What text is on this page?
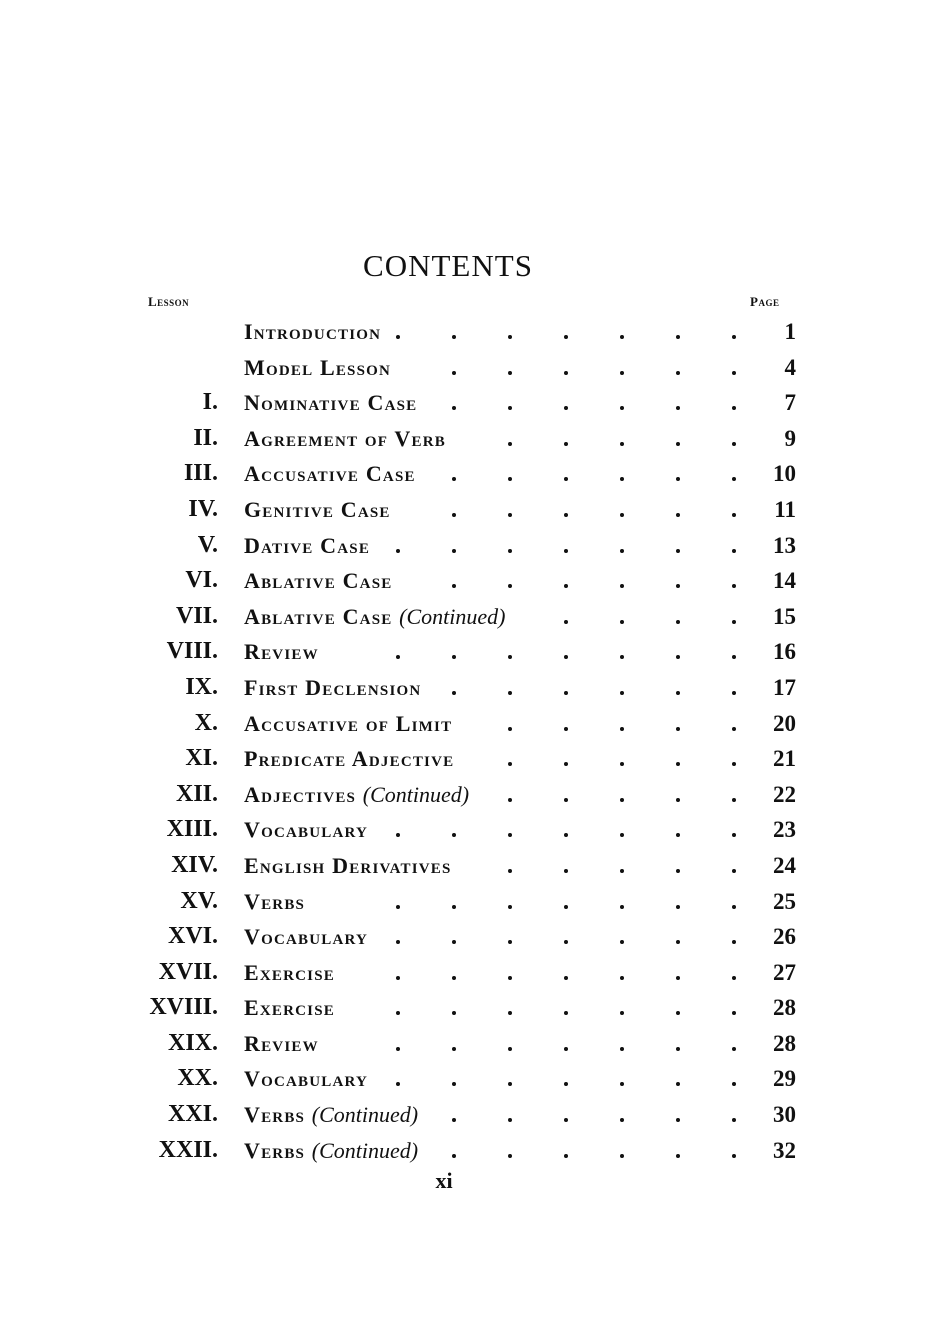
CONTENTS
Lesson	Page
Introduction	1
Model Lesson	4
I. Nominative Case	7
II. Agreement of Verb	9
III. Accusative Case	10
IV. Genitive Case	11
V. Dative Case	13
VI. Ablative Case	14
VII. Ablative Case (Continued)	15
VIII. Review	16
IX. First Declension	17
X. Accusative of Limit	20
XI. Predicate Adjective	21
XII. Adjectives (Continued)	22
XIII. Vocabulary	23
XIV. English Derivatives	24
XV. Verbs	25
XVI. Vocabulary	26
XVII. Exercise	27
XVIII. Exercise	28
XIX. Review	28
XX. Vocabulary	29
XXI. Verbs (Continued)	30
XXII. Verbs (Continued)	32
xi
